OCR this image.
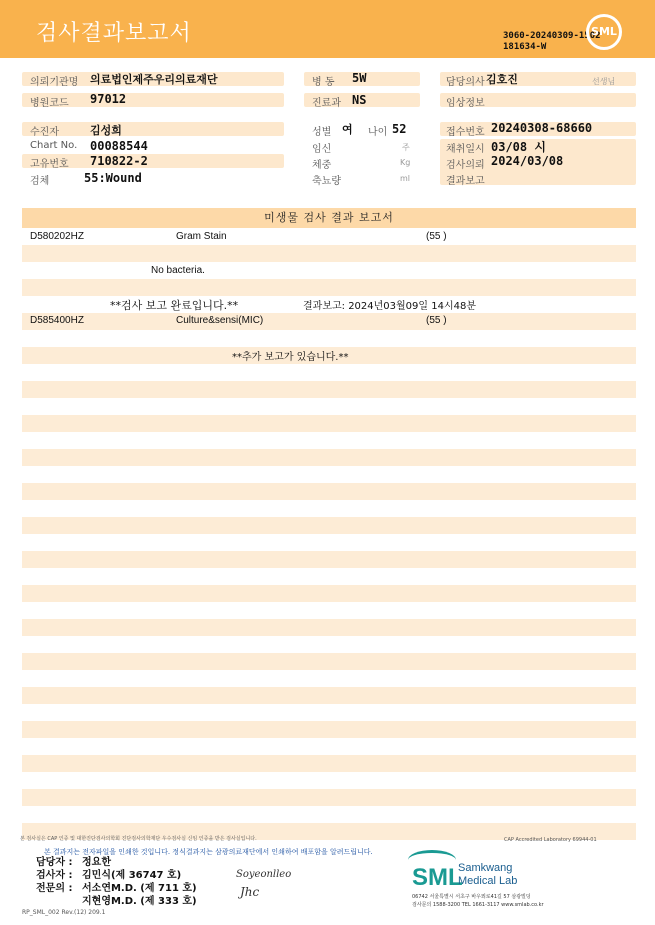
검사결과보고서	3060-20240309-1502
181634-W
SML
의뢰기관명 의료법인제주우리의료재단	병 동 5W	담당의사 김호진	선생님
병원코드 97012	진료과 NS	임상정보
수진자	김성희	성별 여 나이 52	접수번호 20240308-68660
Chart No. 00088544	임신	주	채취일시 03/08 시
고유번호 710822-2	체중	Kg	검사의뢰 2024/03/08
검체	55:Wound	축뇨량	ml	결과보고
미생물 검사 결과 보고서
D580202HZ	Gram Stain	(55 )
No bacteria.
**검사 보고 완료입니다.**	결과보고: 2024년03월09일 14시48분
D585400HZ	Culture&sensi(MIC)	(55 )
**추가 보고가 있습니다.**
본 검사실은 CAP 인증 및 대한진단검사의학회 진단검사의학재단 우수검사실 신임 인증을 받은 검사실입니다.	CAP Accredited Laboratory 69944-01
본 결과지는 전자파일을 인쇄한 것입니다. 정식결과지는 삼광의료재단에서 인쇄하여 배포함을 알려드립니다.
담당자 : 정요한
검사자 : 김민식(제 36747 호)
전문의 : 서소연M.D. (제 711 호)
지현영M.D. (제 333 호)
Soyeonlleo
Jhc
SML
Samkwang
Medical Lab
06742 서울특별시 서초구 바우뫼로41길 57 삼광빌딩
검사문의 1588-3200 TEL 1661-3117 www.smlab.co.kr
RP_SML_002 Rev.(12) 209.1
